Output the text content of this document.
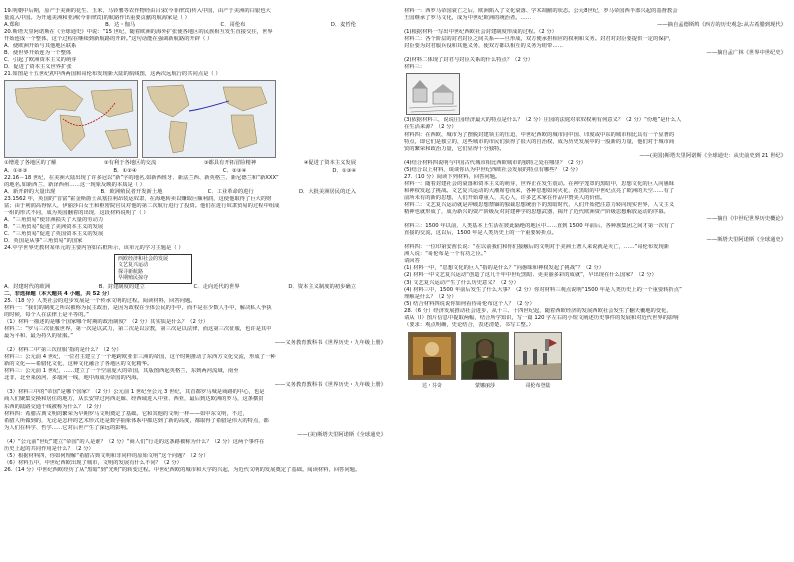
19.明朝中后期，原产于美洲的花生、玉米、马铃薯等农作物经由吕宋(今菲律宾)传入中国，由产于美洲的白银也大
量流入中国。为开通美洲和亚洲(今菲律宾)的航路作出重要贡献的航海家是（ ）
A.郑和	B．达・伽马	C．哥伦布	D．麦哲伦
20.斯塔夫里阿诺斯在《全球通史》中说：“15 世纪，随着欧洲的海外扩张使各地区的民族相互发生直接交往，世界
开始连成一个整体，这个过程在继续到新航路的开辟。”这句话能在强调新航路的开辟（ ）
A．使欧洲开始与其他地区联系
B．使世界开始连为一个整体
C．引起了欧洲资本主义的萌芽
D．促进了资本主义世界扩张
21.如图是十五世纪初中西两国和哥伦布发现新大陆的航线图，这两次远航行的共同点是（ ）
①增进了各地区的了解	②有利于各地区的交流	③都具有开拓冒险精神	④促进了资本主义发展
A．①②③	B．①②④	C．②③④	D．①③④
22.16－18 世纪，在美洲大陆出现了许多冠以“新”字的地名,如新西班牙、新法兰西、新英格兰、新尼德兰和“新XXX”
的地名,如新西兰、新泽西州……这一现象反映的本质是（ ）
A．新开辟的大量出现	B．欧洲殖民者开发新土地	C．工业革命的进行	D．大批美洲居民的迁入
23.1562 年，英国的“首富”霍金斯爵士从塞拉利昂装运奴隶，在海地转卖以赚取巨额利润，这使他取得了巨大的财
富；由于利润高得惊人，伊丽莎白女王和枢密院官员对他的第二次航行进行了投资。他们在进行奴隶贸易的过程中组成
一组的形式不同，成为英国翻着的出现，这段材料说明了（ ）
A．“三角贸易”使非洲损失了大量的劳动力
B．“三角贸易”促进了美洲资本主义的发展
C．“三角贸易”促进了英国资本主义的发展
D．英国是从事“三角贸易”的国家
24.中学世界史教材某单元的主要内容如右框所示，该单元的学习主题是（ ）
西欧经济和社会的发展
文艺复兴运动
探寻新航路
早期殖民掠夺
A．封建时代的欧洲	B．封建制度的建立	C．走向近代的世界	D．资本主义制度的初步确立
二、非选择题（本大题共 4 小题，共 52 分）
25.（18 分）人类社会的进步发展是一个传承文明的过程。阅读材料，回答问题。
材料一：“我们的制度之所以被称为民主政治，是因为政权在全体公民的手中，而不是在少数人手中，解决私人争执
的时候，每个人在法律上是平等的。”
（1）材料一描述的是哪个国家哪个时期的政治制度？（2 分）其实质是什么？（2 分）
材料二：“罗马三次征服世界，第一次是以武力，第二次是以宗教，第三次是以法律，而这第三次征服，也许是其中
最为平和、最为持久的征服。”
——义务教育教科书《世界历史・九年级上册》
（2）材料二中‘第三次征服’指的是什么？（2 分）
材料三：公元前 4 世纪，一位君主建立了一个地跨欧亚非三洲的帝国，这个时期推动了东西方文化交流，形成了一种
新的文化——希腊化文化，这种文化融合了各地区的文化精华。
材料三：公元前 1 世纪，……建立了一个空前庞大的帝国，其版图西起英格兰，东到两河流域，南至
北非，北至莱茵河、多瑙河一线，地中海成为帝国的内海。
——义务教育教科书《世界历史・九年级上册》
（3）材料三中的“帝国”是哪个国家？（2 分）公元前 1 世纪至公元 3 世纪，其首都罗马城是商路的中心，也是
商人们聚集交换和居住的地方，从长安穿过河西走廊、经西域进入中亚、西亚，最后到达欧洲的罗马，这条横贯
东西的陆路交通干线被称为什么？（2 分）
材料四：希腊古典文明的繁荣为早期罗马文明奠定了基础。它和其他的文明一样——如中东文明，不过，
希腊人所做到的，无论是怎样的艺术形式还是数学抽象体系中都达到了新的高度，都取得了希腊是伟大的特点，都
为人们在科学、哲学……它对后世产生了深远的影响。
——(美)斯塔夫里阿诺斯《全球通史》
（4）“公元前”世纪”建立“帝国”的人是谁？（2 分）“商人们”行走的这条路被称为什么？（2 分）这两个事件在
历史上起的共同作用是什么？（2 分）
（5）根据材料四，你如何理解“希腊古典文明和非同样的原始文明”这个问题？（2 分）
（6）材料五中，中世纪西欧出现了城市，文明的发展有什么不同？（2 分）
26.（14 分）中世纪西欧经历了从“黑暗”到“光明”的转变过程。中世纪西欧的城市和大学的兴起，为近代文明的发展奠定了基础。阅读材料，回答问题。
材料一：西罗马帝国衰亡之后，欧洲陷入了文化衰落、学术凋敝的状态。公元8世纪，罗马帝国西半部兴起的基督教会
王国继承了罗马文化，成为中世纪欧洲的统治者。……
——摘自孟德斯鸠《西方的历史观念:从古希腊到现代》
(1)根据材料一写出中世纪西欧社会封建制度形成的过程。（2 分）
材料二：各个阶层的封君封臣之间关系——旦形成，双方便承担相应的权利和义务。封君对封臣要提供一定的保护，
封臣要为封君服兵役和其他义务，使双方都以相互的义务为纽带……
——摘自孟广林《世界中世纪史》
(2)材料二体现了封君与封臣关系的什么特点？（2 分）
材料三：
(3)依据材料三，说说庄园经济最大的特点是什么？（2 分）庄园的法庭对农奴权利有何意义？（2 分）“份地”是什么人
在生活来源？（2 分）
材料四：在西欧，城市为了摆脱封建领主的压迫，中世纪西欧的城市同中国、印度或中东的城市相比具有一个显著的
特点，即它们是独立的，这些城市的市民们获得了很大的自治权，成为历史发展中的一股新的力量，他们对于城市商
贸的繁荣和政治力量，它们显得十分独特。
——(美国)斯塔夫里阿诺斯《全球通史：从史前史到 21 世纪》
(4)结合材料四说明与中国古代城市相比西欧城市的独特之处在哪里？（2 分）
(5)结合以上材料，谈谈你认为中世纪西欧社会发展的特点有哪些？（2 分）
27.（10 分）阅读下列材料，回答问题。
材料一：随着封建社会的衰落和资本主义的萌芽，世界正在发生震动。在神学笼罩的黑暗中，思想文化的巨人向愚昧
和神权发起了挑战。文艺复兴运动的大潮席卷而来，各种思想如同火花，在黑暗的中世纪点亮了欧洲的天空……有了
前所未有的新的思想，人们开始尊重人、关心人，许多艺术家在作品中赞美人的价值。
材料二：文艺复兴运动就是冲破思想禁锢的独裁思想统治下的黑暗时代，人们开始把注意力转向现实世界，人文主义
精神也就形成了，成为新兴的资产阶级反对封建神学的思想武器，揭开了近代欧洲资产阶级思想解放运动的序幕。
——摘自《中世纪世界历史概论》
材料三：1500 年以前，人类基本上生活在彼此隔绝的地区中……直到 1500 年前后，各种族集团之间才第一次有了
直接的交流，这以后，1500 年是人类历史上的一个重要转折点。
——斯塔夫里阿诺斯《全球通史》
材料四：一位印第安酋长说：“在以前我们和你们接触后的文明对于美洲土著人来说就是灭亡，……”哥伦布发现新
洲人说：“哥伦布是一个有功之臣。”
请回答
(1) 材料一中，“思想文化的巨人”指的是什么？“向愚昧和神权发起了挑战”？（2 分）
(2) 材料一中文艺复兴运动“创造了这几千年中世纪黑暗、更美丽多彩的成就”，早出现在什么国家？（2 分）
(3) 文艺复兴运动产生了什么历史意义？（2 分）
(4) 材料三中，1500 年前后发生了什么大事？（2 分）你对材料三观点说明“1500 年是人类历史上的一个重要转折点”
理解是什么？（2 分）
(5) 结合材料四说说你如何看待哥伦布这个人？（2 分）
28.（6 分）经济发展推动社会进步，从十三、十四世纪起，随着西欧经济的发展西欧社会发生了翻天覆地的变化，
请从（Ⅰ）图片信息中提取两幅，结合所学知识，写一篇 120 字左右的小短文阐述历史事件的发展和对近代世界的影响
（要求：观点明确，史论结合，表述清楚，书写工整。）
达・芬奇	蒙娜丽莎	哥伦布登陆
